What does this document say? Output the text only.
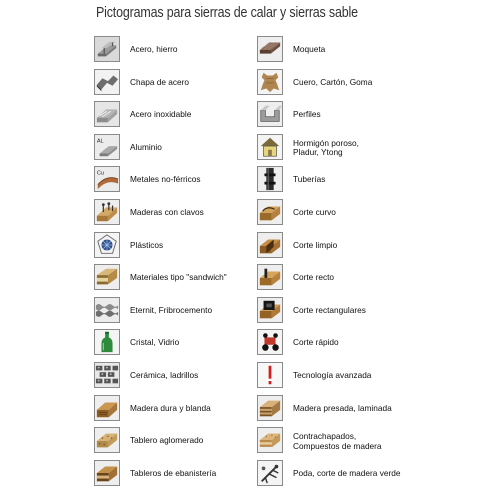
Pictogramas para sierras de calar y sierras sable
Acero, hierro
Chapa de acero
Acero inoxidable
AL
Aluminio
Cu
Metales no-férricos
Maderas con clavos
Plásticos
Materiales tipo "sandwich"
Eternit, Fribrocemento
Cristal, Vidrio
Cerámica, ladrillos
Madera dura y blanda
Tablero aglomerado
Tableros de ebanistería
Moqueta
Cuero, Cartón, Goma
Perfiles
Hormigón poroso,
Pladur, Ytong
Tuberías
Corte curvo
Corte limpio
Corte recto
Corte rectangulares
Corte rápido
Tecnología avanzada
Madera presada, laminada
Contrachapados,
Compuestos de madera
Poda, corte de madera verde
